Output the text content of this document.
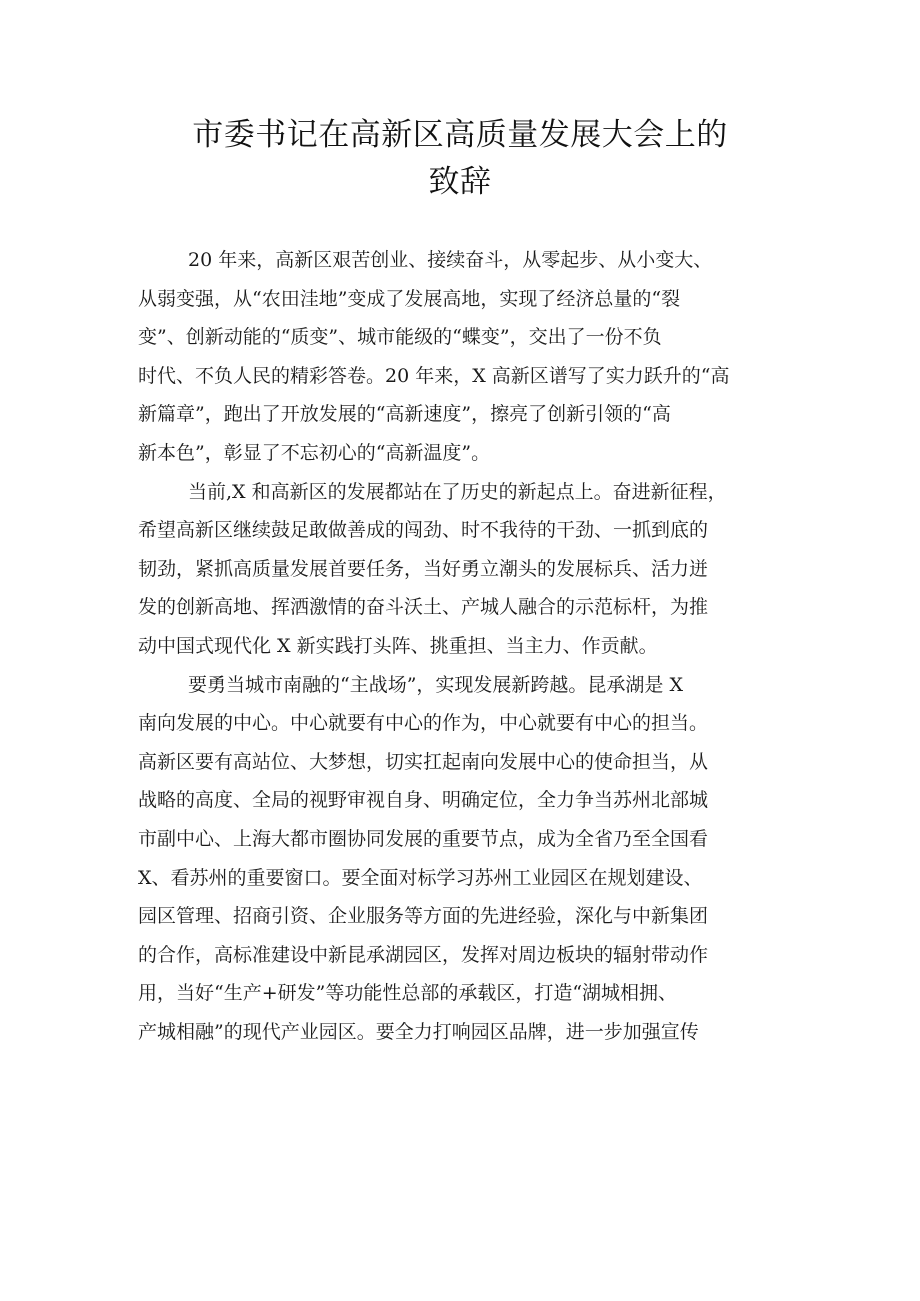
市委书记在高新区高质量发展大会上的
致辞
20 年来，高新区艰苦创业、接续奋斗，从零起步、从小变大、
从弱变强，从“农田洼地”变成了发展高地，实现了经济总量的“裂
变”、创新动能的“质变”、城市能级的“蝶变”，交出了一份不负
时代、不负人民的精彩答卷。20 年来，X 高新区谱写了实力跃升的“高
新篇章”，跑出了开放发展的“高新速度”，擦亮了创新引领的“高
新本色”，彰显了不忘初心的“高新温度”。
当前,X 和高新区的发展都站在了历史的新起点上。奋进新征程，
希望高新区继续鼓足敢做善成的闯劲、时不我待的干劲、一抓到底的
韧劲，紧抓高质量发展首要任务，当好勇立潮头的发展标兵、活力迸
发的创新高地、挥洒激情的奋斗沃土、产城人融合的示范标杆，为推
动中国式现代化 X 新实践打头阵、挑重担、当主力、作贡献。
要勇当城市南融的“主战场”，实现发展新跨越。昆承湖是 X
南向发展的中心。中心就要有中心的作为，中心就要有中心的担当。
高新区要有高站位、大梦想，切实扛起南向发展中心的使命担当，从
战略的高度、全局的视野审视自身、明确定位，全力争当苏州北部城
市副中心、上海大都市圈协同发展的重要节点，成为全省乃至全国看
X、看苏州的重要窗口。要全面对标学习苏州工业园区在规划建设、
园区管理、招商引资、企业服务等方面的先进经验，深化与中新集团
的合作，高标准建设中新昆承湖园区，发挥对周边板块的辐射带动作
用，当好“生产+研发”等功能性总部的承载区，打造“湖城相拥、
产城相融”的现代产业园区。要全力打响园区品牌，进一步加强宣传
